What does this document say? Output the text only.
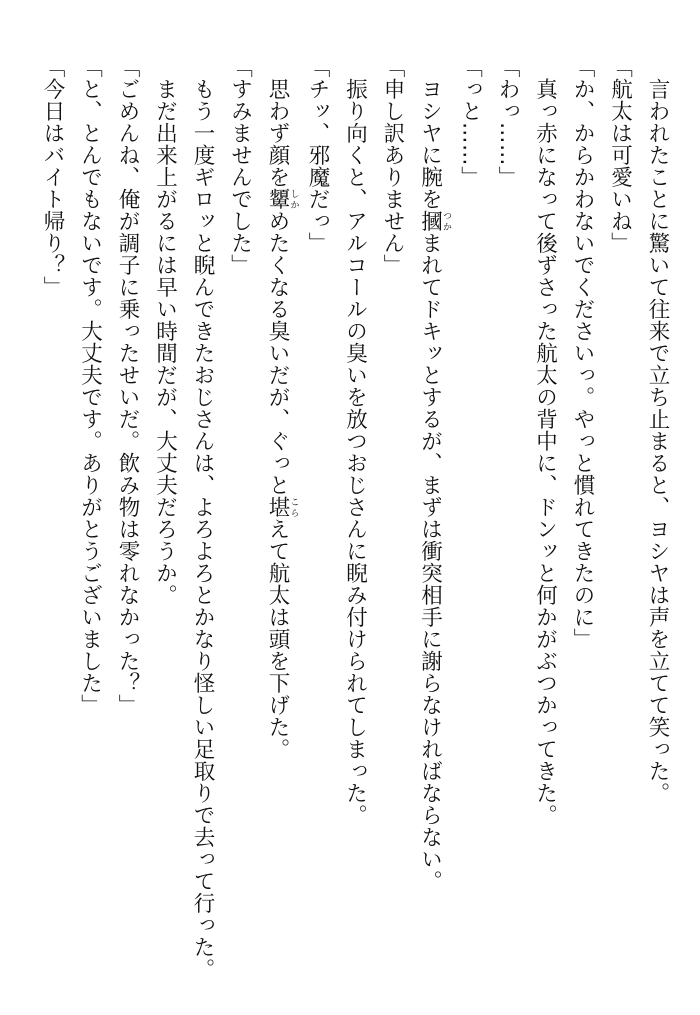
　言われたことに驚いて往来で立ち止まると、ヨシヤは声を立てて笑った。

「航太は可愛いね」

「か、からかわないでくださいっ。やっと慣れてきたのに」

　真っ赤になって後ずさった航太の背中に、ドンッと何かがぶつかってきた。

「わっ……」

「っと……」

　ヨシヤに腕を摑つかまれてドキッとするが、まずは衝突相手に謝らなければならない。

「申し訳ありません」

　振り向くと、アルコールの臭いを放つおじさんに睨み付けられてしまった。

「チッ、邪魔だっ」

　思わず顔を顰しかめたくなる臭いだが、ぐっと堪こらえて航太は頭を下げた。

「すみませんでした」

　もう一度ギロッと睨んできたおじさんは、よろよろとかなり怪しい足取りで去って行った。

　まだ出来上がるには早い時間だが、大丈夫だろうか。

「ごめんね、俺が調子に乗ったせいだ。飲み物は零れなかった？」

「と、とんでもないです。大丈夫です。ありがとうございました」

「今日はバイト帰り？」
